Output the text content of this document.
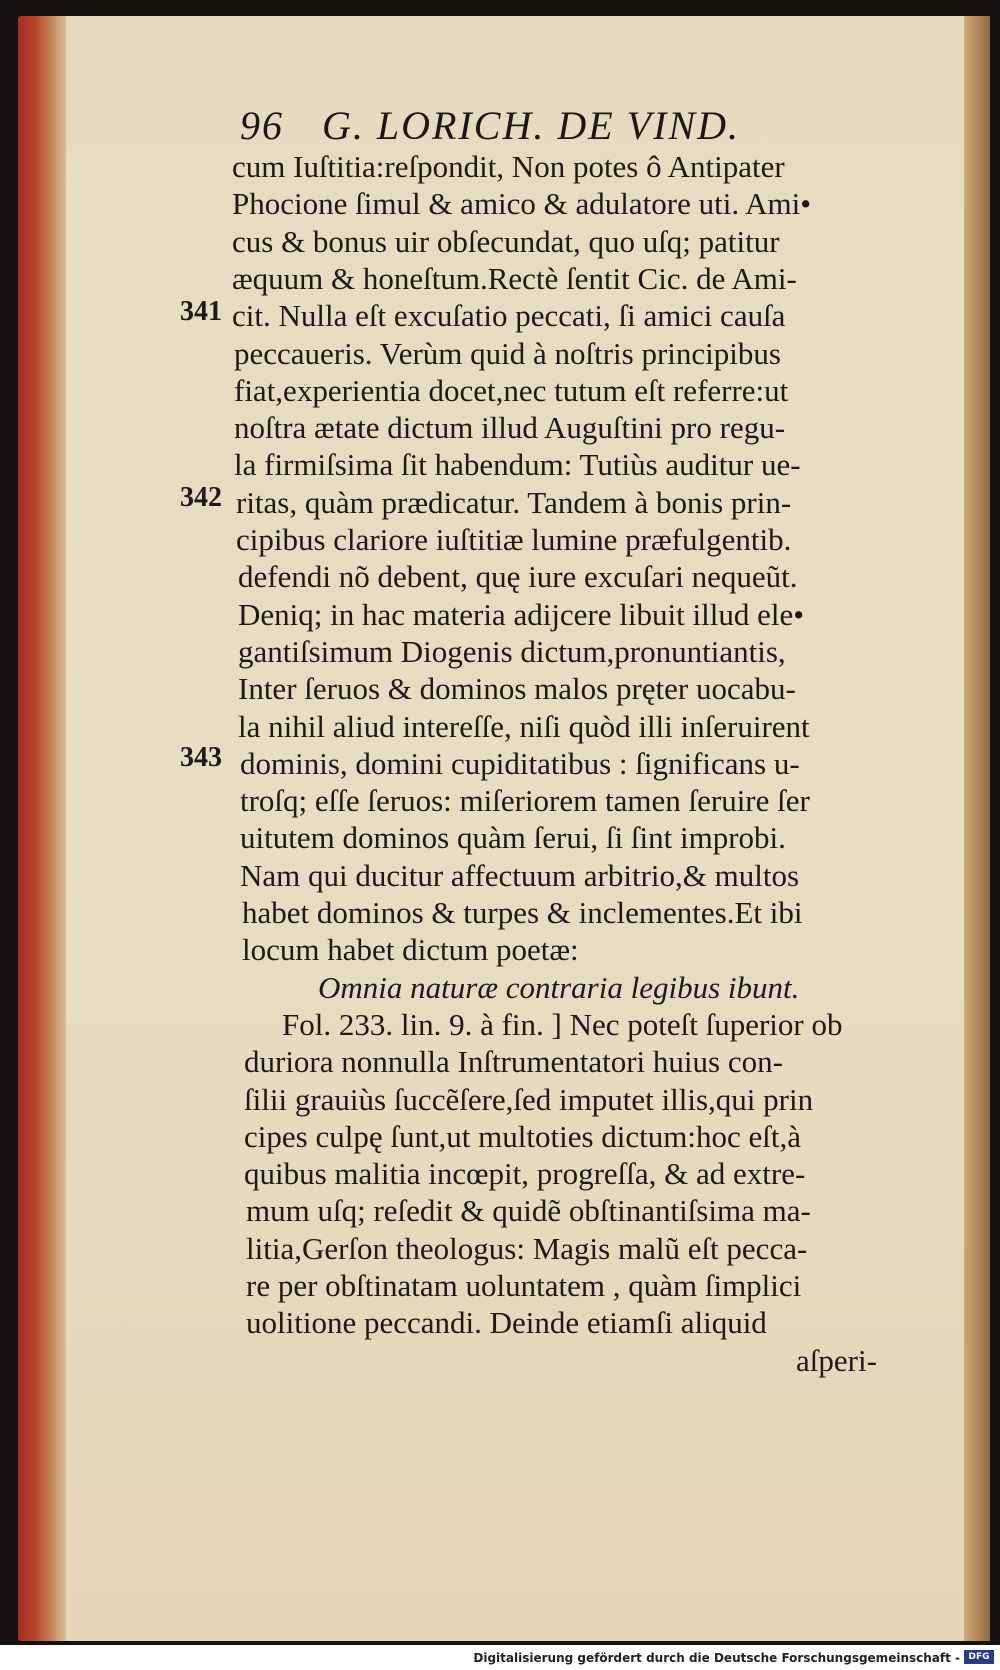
96 G. LORICH. DE VIND.
cum Iuſtitia:reſpondit, Non potes ô Antipater
Phocione ſimul & amico & adulatore uti. Ami•
cus & bonus uir obſecundat, quo uſq; patitur
æquum & honeſtum.Rectè ſentit Cic. de Ami-
cit. Nulla eſt excuſatio peccati, ſi amici cauſa
peccaueris. Verùm quid à noſtris principibus
fiat,experientia docet,nec tutum eſt referre:ut
noſtra ætate dictum illud Auguſtini pro regu-
la firmiſsima ſit habendum: Tutiùs auditur ue-
ritas, quàm prædicatur. Tandem à bonis prin-
cipibus clariore iuſtitiæ lumine præfulgentib.
defendi nõ debent, quę iure excuſari nequeũt.
Deniq; in hac materia adijcere libuit illud ele•
gantiſsimum Diogenis dictum,pronuntiantis,
Inter ſeruos & dominos malos pręter uocabu-
la nihil aliud intereſſe, niſi quòd illi inſeruirent
dominis, domini cupiditatibus : ſignificans u-
troſq; eſſe ſeruos: miſeriorem tamen ſeruire ſer
uitutem dominos quàm ſerui, ſi ſint improbi.
Nam qui ducitur affectuum arbitrio,& multos
habet dominos & turpes & inclementes.Et ibi
locum habet dictum poetæ:
Omnia naturæ contraria legibus ibunt.
Fol. 233. lin. 9. à fin. ] Nec poteſt ſuperior ob
duriora nonnulla Inſtrumentatori huius con-
ſilii grauiùs ſuccẽſere,ſed imputet illis,qui prin
cipes culpę ſunt,ut multoties dictum:hoc eſt,à
quibus malitia incœpit, progreſſa, & ad extre-
mum uſq; reſedit & quidẽ obſtinantiſsima ma-
litia,Gerſon theologus: Magis malũ eſt pecca-
re per obſtinatam uoluntatem , quàm ſimplici
uolitione peccandi. Deinde etiamſi aliquid
aſperi-
341
342
343
Digitalisierung gefördert durch die Deutsche Forschungsgemeinschaft - DFG
